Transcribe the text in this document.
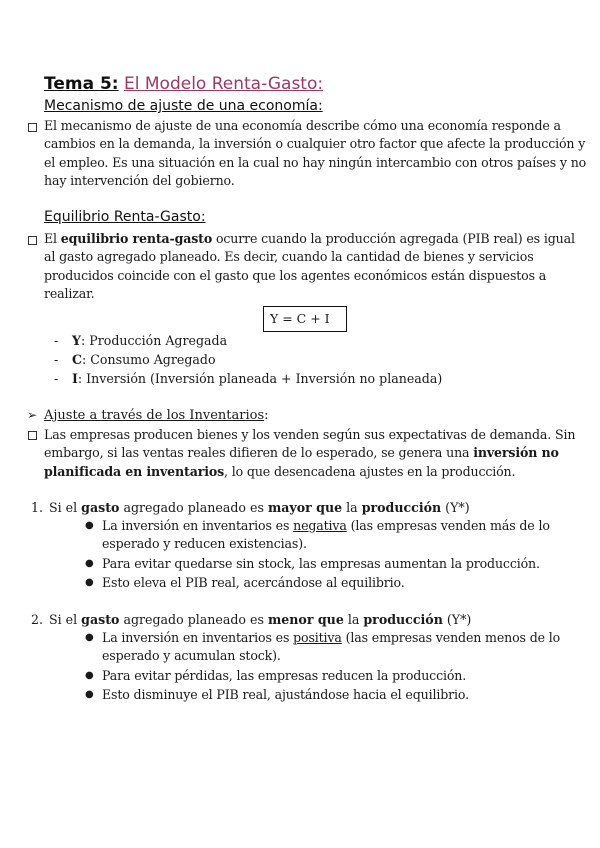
Tema 5: El Modelo Renta-Gasto:
Mecanismo de ajuste de una economía:
El mecanismo de ajuste de una economía describe cómo una economía responde a
cambios en la demanda, la inversión o cualquier otro factor que afecte la producción y
el empleo. Es una situación en la cual no hay ningún intercambio con otros países y no
hay intervención del gobierno.
Equilibrio Renta-Gasto:
El equilibrio renta-gasto ocurre cuando la producción agregada (PIB real) es igual
al gasto agregado planeado. Es decir, cuando la cantidad de bienes y servicios
producidos coincide con el gasto que los agentes económicos están dispuestos a
realizar.
Y = C + I
- Y: Producción Agregada
- C: Consumo Agregado
- I: Inversión (Inversión planeada + Inversión no planeada)
➢ Ajuste a través de los Inventarios:
Las empresas producen bienes y los venden según sus expectativas de demanda. Sin
embargo, si las ventas reales difieren de lo esperado, se genera una inversión no
planificada en inventarios, lo que desencadena ajustes en la producción.
1. Si el gasto agregado planeado es mayor que la producción (Y*)
● La inversión en inventarios es negativa (las empresas venden más de lo
esperado y reducen existencias).
● Para evitar quedarse sin stock, las empresas aumentan la producción.
● Esto eleva el PIB real, acercándose al equilibrio.
2. Si el gasto agregado planeado es menor que la producción (Y*)
● La inversión en inventarios es positiva (las empresas venden menos de lo
esperado y acumulan stock).
● Para evitar pérdidas, las empresas reducen la producción.
● Esto disminuye el PIB real, ajustándose hacia el equilibrio.
